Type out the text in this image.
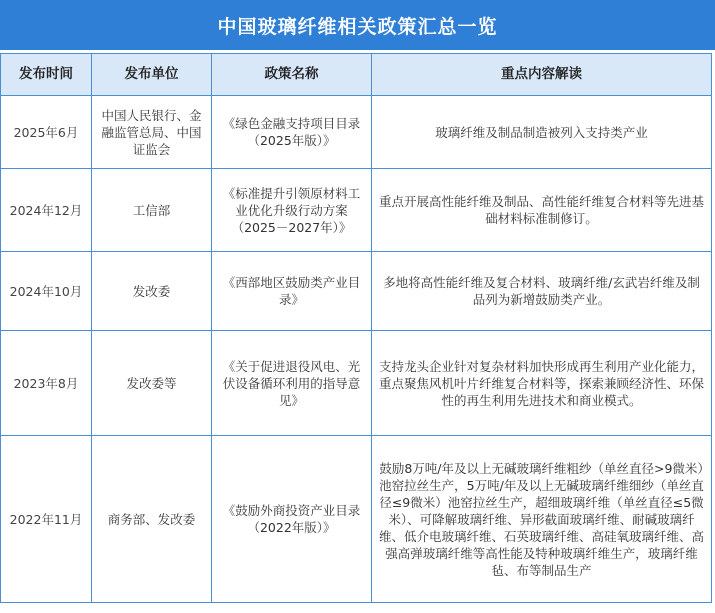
中国玻璃纤维相关政策汇总一览
发布时间	发布单位	政策名称	重点内容解读
2025年6月	中国人民银行、金融监管总局、中国证监会	《绿色金融支持项目目录（2025年版）》	玻璃纤维及制品制造被列入支持类产业
2024年12月	工信部	《标准提升引领原材料工业优化升级行动方案（2025－2027年）》	重点开展高性能纤维及制品、高性能纤维复合材料等先进基础材料标准制修订。
2024年10月	发改委	《西部地区鼓励类产业目录》	多地将高性能纤维及复合材料、玻璃纤维/玄武岩纤维及制品列为新增鼓励类产业。
2023年8月	发改委等	《关于促进退役风电、光伏设备循环利用的指导意见》	支持龙头企业针对复杂材料加快形成再生利用产业化能力，重点聚焦风机叶片纤维复合材料等，探索兼顾经济性、环保性的再生利用先进技术和商业模式。
2022年11月	商务部、发改委	《鼓励外商投资产业目录（2022年版）》	鼓励8万吨/年及以上无碱玻璃纤维粗纱（单丝直径>9微米）池窑拉丝生产，5万吨/年及以上无碱玻璃纤维细纱（单丝直径≤9微米）池窑拉丝生产，超细玻璃纤维（单丝直径≤5微米）、可降解玻璃纤维、异形截面玻璃纤维、耐碱玻璃纤维、低介电玻璃纤维、石英玻璃纤维、高硅氧玻璃纤维、高强高弹玻璃纤维等高性能及特种玻璃纤维生产，玻璃纤维毡、布等制品生产
